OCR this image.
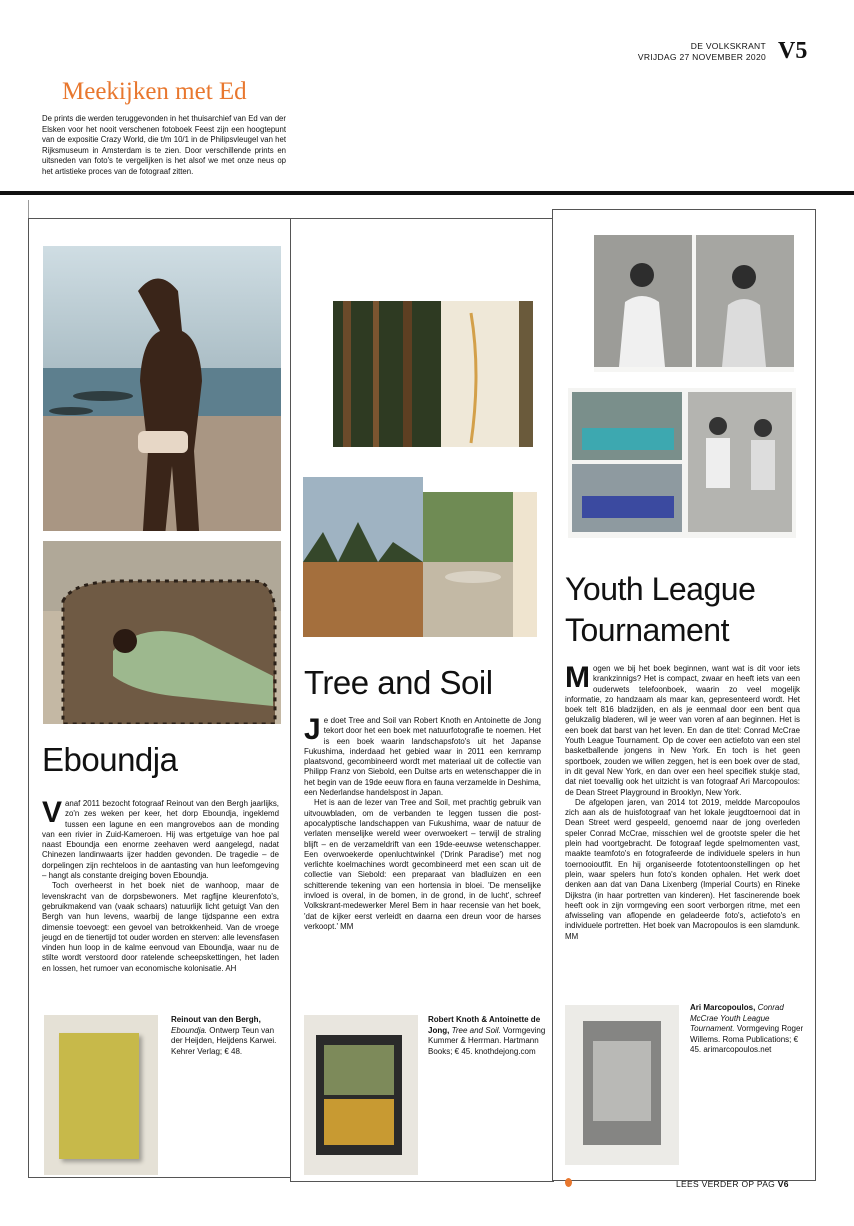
DE VOLKSKRANT
VRIJDAG 27 NOVEMBER 2020 V5
Meekijken met Ed
De prints die werden teruggevonden in het thuisarchief van Ed van der Elsken voor het nooit verschenen fotoboek Feest zijn een hoogtepunt van de expositie Crazy World, die t/m 10/1 in de Philipsvleugel van het Rijksmuseum in Amsterdam is te zien. Door verschillende prints en uitsneden van foto's te vergelijken is het alsof we met onze neus op het artistieke proces van de fotograaf zitten.
Eboundja

Vanaf 2011 bezocht fotograaf Reinout van den Bergh jaarlijks, zo'n zes weken per keer, het dorp Eboundja, ingeklemd tussen een lagune en een mangrovebos aan de monding van een rivier in Zuid-Kameroen. Hij was ertgetuige van hoe pal naast Eboundja een enorme zeehaven werd aangelegd, nadat Chinezen landinwaarts ijzer hadden gevonden. De tragedie – de dorpelingen zijn rechteloos in de aantasting van hun leefomgeving – hangt als constante dreiging boven Eboundja.

Toch overheerst in het boek niet de wanhoop, maar de levenskracht van de dorpsbewoners. Met ragfijne kleurenfoto's, gebruikmakend van (vaak schaars) natuurlijk licht getuigt Van den Bergh van hun levens, waarbij de lange tijdspanne een extra dimensie toevoegt: een gevoel van betrokkenheid. Van de vroege jeugd en de tienertijd tot ouder worden en sterven: alle levensfasen vinden hun loop in de kalme eenvoud van Eboundja, waar nu de stilte wordt verstoord door ratelende scheepskettingen, het laden en lossen, het rumoer van economische kolonisatie. AH

Reinout van den Bergh, Eboundja. Ontwerp Teun van der Heijden, Heijdens Karwei. Kehrer Verlag; € 48.
Tree and Soil

Je doet Tree and Soil van Robert Knoth en Antoinette de Jong tekort door het een boek met natuurfotografie te noemen. Het is een boek waarin landschapsfoto's uit het Japanse Fukushima, inderdaad het gebied waar in 2011 een kernramp plaatsvond, gecombineerd wordt met materiaal uit de collectie van Philipp Franz von Siebold, een Duitse arts en wetenschapper die in het begin van de 19de eeuw flora en fauna verzamelde in Deshima, een Nederlandse handelspost in Japan.

Het is aan de lezer van Tree and Soil, met prachtig gebruik van uitvouwbladen, om de verbanden te leggen tussen die post-apocalyptische landschappen van Fukushima, waar de natuur de verlaten menselijke wereld weer overwoekert – terwijl de straling blijft – en de verzameldrift van een 19de-eeuwse wetenschapper. Een overwoekerde openluchtwinkel ('Drink Paradise') met nog verlichte koelmachines wordt gecombineerd met een scan uit de collectie van Siebold: een preparaat van bladluizen en een schitterende tekening van een hortensia in bloei. 'De menselijke invloed is overal, in de bomen, in de grond, in de lucht', schreef Volkskrant-medewerker Merel Bem in haar recensie van het boek, 'dat de kijker eerst verleidt en daarna een dreun voor de harses verkoopt.' MM

Robert Knoth & Antoinette de Jong, Tree and Soil. Vormgeving Kummer & Herrman. Hartmann Books; € 45. knothdejong.com
Youth League
Tournament

Mogen we bij het boek beginnen, want wat is dit voor iets krankzinnigs? Het is compact, zwaar en heeft iets van een ouderwets telefoonboek, waarin zo veel mogelijk informatie, zo handzaam als maar kan, gepresenteerd wordt. Het boek telt 816 bladzijden, en als je eenmaal door een bent qua gelukzalig bladeren, wil je weer van voren af aan beginnen. Het is een boek dat barst van het leven. En dan de titel: Conrad McCrae Youth League Tournament. Op de cover een actiefoto van een stel basketballende jongens in New York. En toch is het geen sportboek, zouden we willen zeggen, het is een boek over de stad, in dit geval New York, en dan over een heel specifiek stukje stad, dat niet toevallig ook het uitzicht is van fotograaf Ari Marcopoulos: de Dean Street Playground in Brooklyn, New York.

De afgelopen jaren, van 2014 tot 2019, meldde Marcopoulos zich aan als de huisfotograaf van het lokale jeugdtoernooi dat in Dean Street werd gespeeld, genoemd naar de jong overleden speler Conrad McCrae, misschien wel de grootste speler die het plein had voortgebracht. De fotograaf legde spelmomenten vast, maakte teamfoto's en fotografeerde de individuele spelers in hun toernooioutfit. En hij organiseerde fototentoonstellingen op het plein, waar spelers hun foto's konden ophalen. Het werk doet denken aan dat van Dana Lixenberg (Imperial Courts) en Rineke Dijkstra (in haar portretten van kinderen). Het fascinerende boek heeft ook in zijn vormgeving een soort verborgen ritme, met een afwisseling van aflopende en geladeerde foto's, actiefoto's en individuele portretten. Het boek van Macropoulos is een slamdunk. MM

Ari Marcopoulos, Conrad McCrae Youth League Tournament. Vormgeving Roger Willems. Roma Publications; € 45. arimarcopoulos.net
LEES VERDER OP PAG V6
